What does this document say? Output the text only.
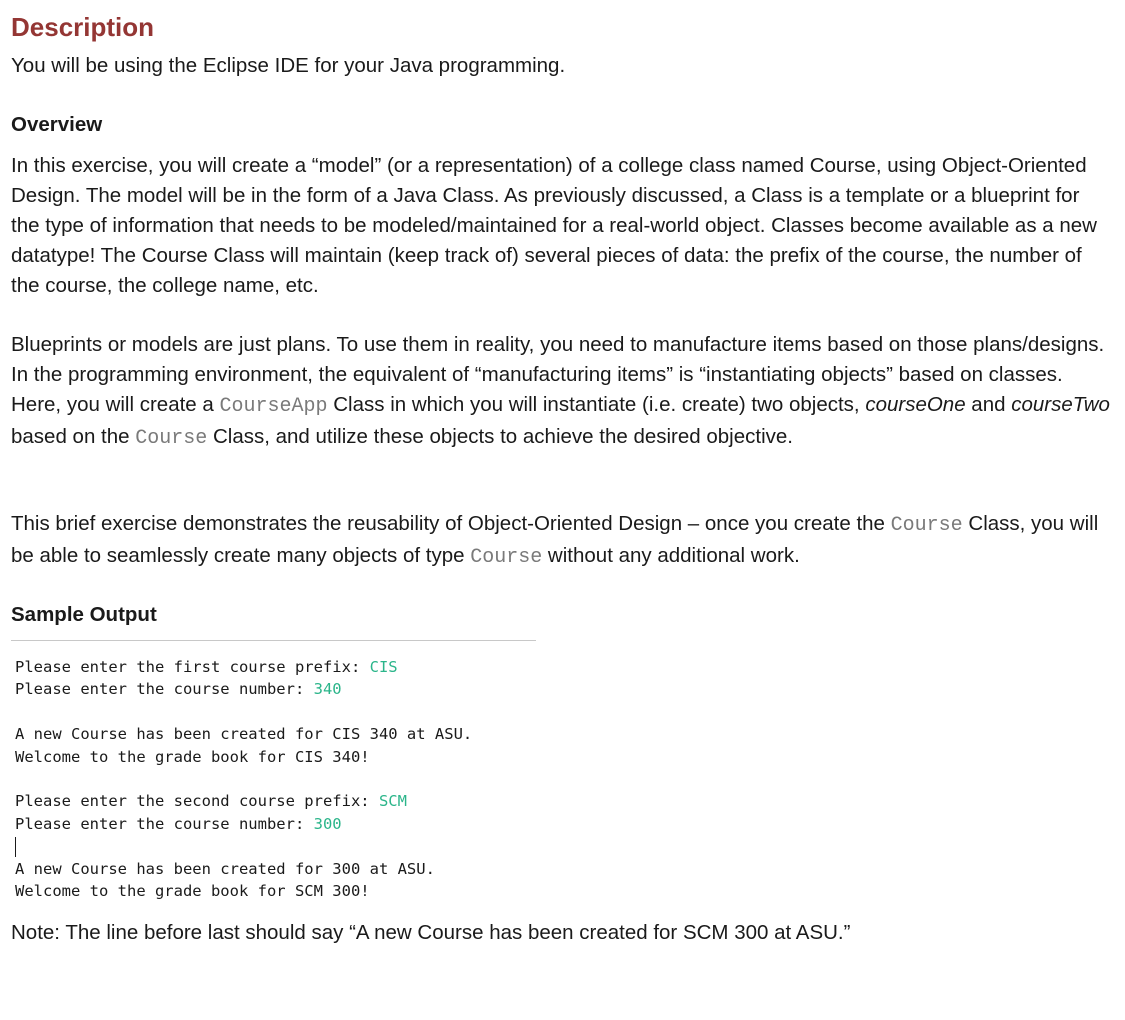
Description

You will be using the Eclipse IDE for your Java programming.

Overview

In this exercise, you will create a “model” (or a representation) of a college class named Course, using Object-Oriented Design. The model will be in the form of a Java Class. As previously discussed, a Class is a template or a blueprint for the type of information that needs to be modeled/maintained for a real-world object. Classes become available as a new datatype! The Course Class will maintain (keep track of) several pieces of data: the prefix of the course, the number of the course, the college name, etc.

Blueprints or models are just plans. To use them in reality, you need to manufacture items based on those plans/designs. In the programming environment, the equivalent of “manufacturing items” is “instantiating objects” based on classes. Here, you will create a CourseApp Class in which you will instantiate (i.e. create) two objects, courseOne and courseTwo based on the Course Class, and utilize these objects to achieve the desired objective.

This brief exercise demonstrates the reusability of Object-Oriented Design – once you create the Course Class, you will be able to seamlessly create many objects of type Course without any additional work.

Sample Output
Please enter the first course prefix: CIS
Please enter the course number: 340
A new Course has been created for CIS 340 at ASU.
Welcome to the grade book for CIS 340!
Please enter the second course prefix: SCM
Please enter the course number: 300
A new Course has been created for 300 at ASU.
Welcome to the grade book for SCM 300!

Note: The line before last should say “A new Course has been created for SCM 300 at ASU.”
